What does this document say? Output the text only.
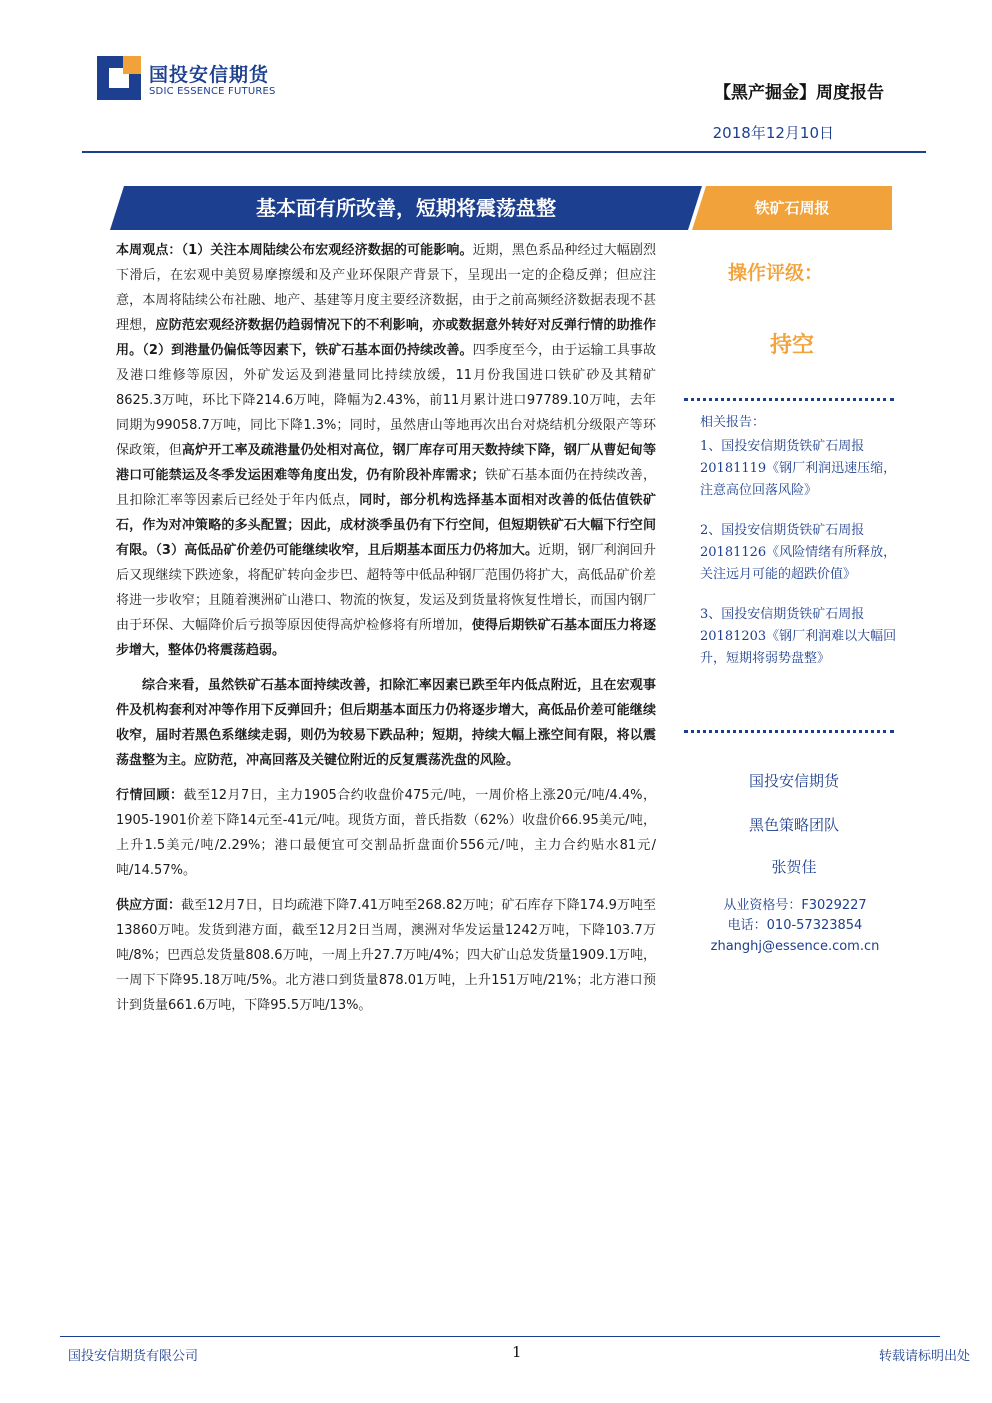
国投安信期货
SDIC ESSENCE FUTURES	【黑产掘金】周度报告
2018年12月10日
基本面有所改善，短期将震荡盘整	铁矿石周报

本周观点：（1）关注本周陆续公布宏观经济数据的可能影响。近期，黑色系品种经过大幅剧烈下滑后，在宏观中美贸易摩擦缓和及产业环保限产背景下，呈现出一定的企稳反弹；但应注意，本周将陆续公布社融、地产、基建等月度主要经济数据，由于之前高频经济数据表现不甚理想，应防范宏观经济数据仍趋弱情况下的不利影响，亦或数据意外转好对反弹行情的助推作用。（2）到港量仍偏低等因素下，铁矿石基本面仍持续改善。四季度至今，由于运输工具事故及港口维修等原因，外矿发运及到港量同比持续放缓，11月份我国进口铁矿砂及其精矿8625.3万吨，环比下降214.6万吨，降幅为2.43%，前11月累计进口97789.10万吨，去年同期为99058.7万吨，同比下降1.3%；同时，虽然唐山等地再次出台对烧结机分级限产等环保政策，但高炉开工率及疏港量仍处相对高位，钢厂库存可用天数持续下降，钢厂从曹妃甸等港口可能禁运及冬季发运困难等角度出发，仍有阶段补库需求；铁矿石基本面仍在持续改善，且扣除汇率等因素后已经处于年内低点，同时，部分机构选择基本面相对改善的低估值铁矿石，作为对冲策略的多头配置；因此，成材淡季虽仍有下行空间，但短期铁矿石大幅下行空间有限。（3）高低品矿价差仍可能继续收窄，且后期基本面压力仍将加大。近期，钢厂利润回升后又现继续下跌迹象，将配矿转向金步巴、超特等中低品种钢厂范围仍将扩大，高低品矿价差将进一步收窄；且随着澳洲矿山港口、物流的恢复，发运及到货量将恢复性增长，而国内钢厂由于环保、大幅降价后亏损等原因使得高炉检修将有所增加，使得后期铁矿石基本面压力将逐步增大，整体仍将震荡趋弱。

综合来看，虽然铁矿石基本面持续改善，扣除汇率因素已跌至年内低点附近，且在宏观事件及机构套利对冲等作用下反弹回升；但后期基本面压力仍将逐步增大，高低品价差可能继续收窄，届时若黑色系继续走弱，则仍为较易下跌品种；短期，持续大幅上涨空间有限，将以震荡盘整为主。应防范，冲高回落及关键位附近的反复震荡洗盘的风险。

行情回顾：截至12月7日，主力1905合约收盘价475元/吨，一周价格上涨20元/吨/4.4%，1905-1901价差下降14元至-41元/吨。现货方面，普氏指数（62%）收盘价66.95美元/吨，上升1.5美元/吨/2.29%；港口最便宜可交割品折盘面价556元/吨，主力合约贴水81元/吨/14.57%。

供应方面：截至12月7日，日均疏港下降7.41万吨至268.82万吨；矿石库存下降174.9万吨至13860万吨。发货到港方面，截至12月2日当周，澳洲对华发运量1242万吨，下降103.7万吨/8%；巴西总发货量808.6万吨，一周上升27.7万吨/4%；四大矿山总发货量1909.1万吨，一周下下降95.18万吨/5%。北方港口到货量878.01万吨，上升151万吨/21%；北方港口预计到货量661.6万吨，下降95.5万吨/13%。

操作评级：
持空
相关报告：
1、国投安信期货铁矿石周报 20181119《钢厂利润迅速压缩，注意高位回落风险》
2、国投安信期货铁矿石周报 20181126《风险情绪有所释放，关注远月可能的超跌价值》
3、国投安信期货铁矿石周报 20181203《钢厂利润难以大幅回升，短期将弱势盘整》
国投安信期货
黑色策略团队
张贺佳
从业资格号：F3029227
电话：010-57323854
zhanghj@essence.com.cn
国投安信期货有限公司	1	转载请标明出处
